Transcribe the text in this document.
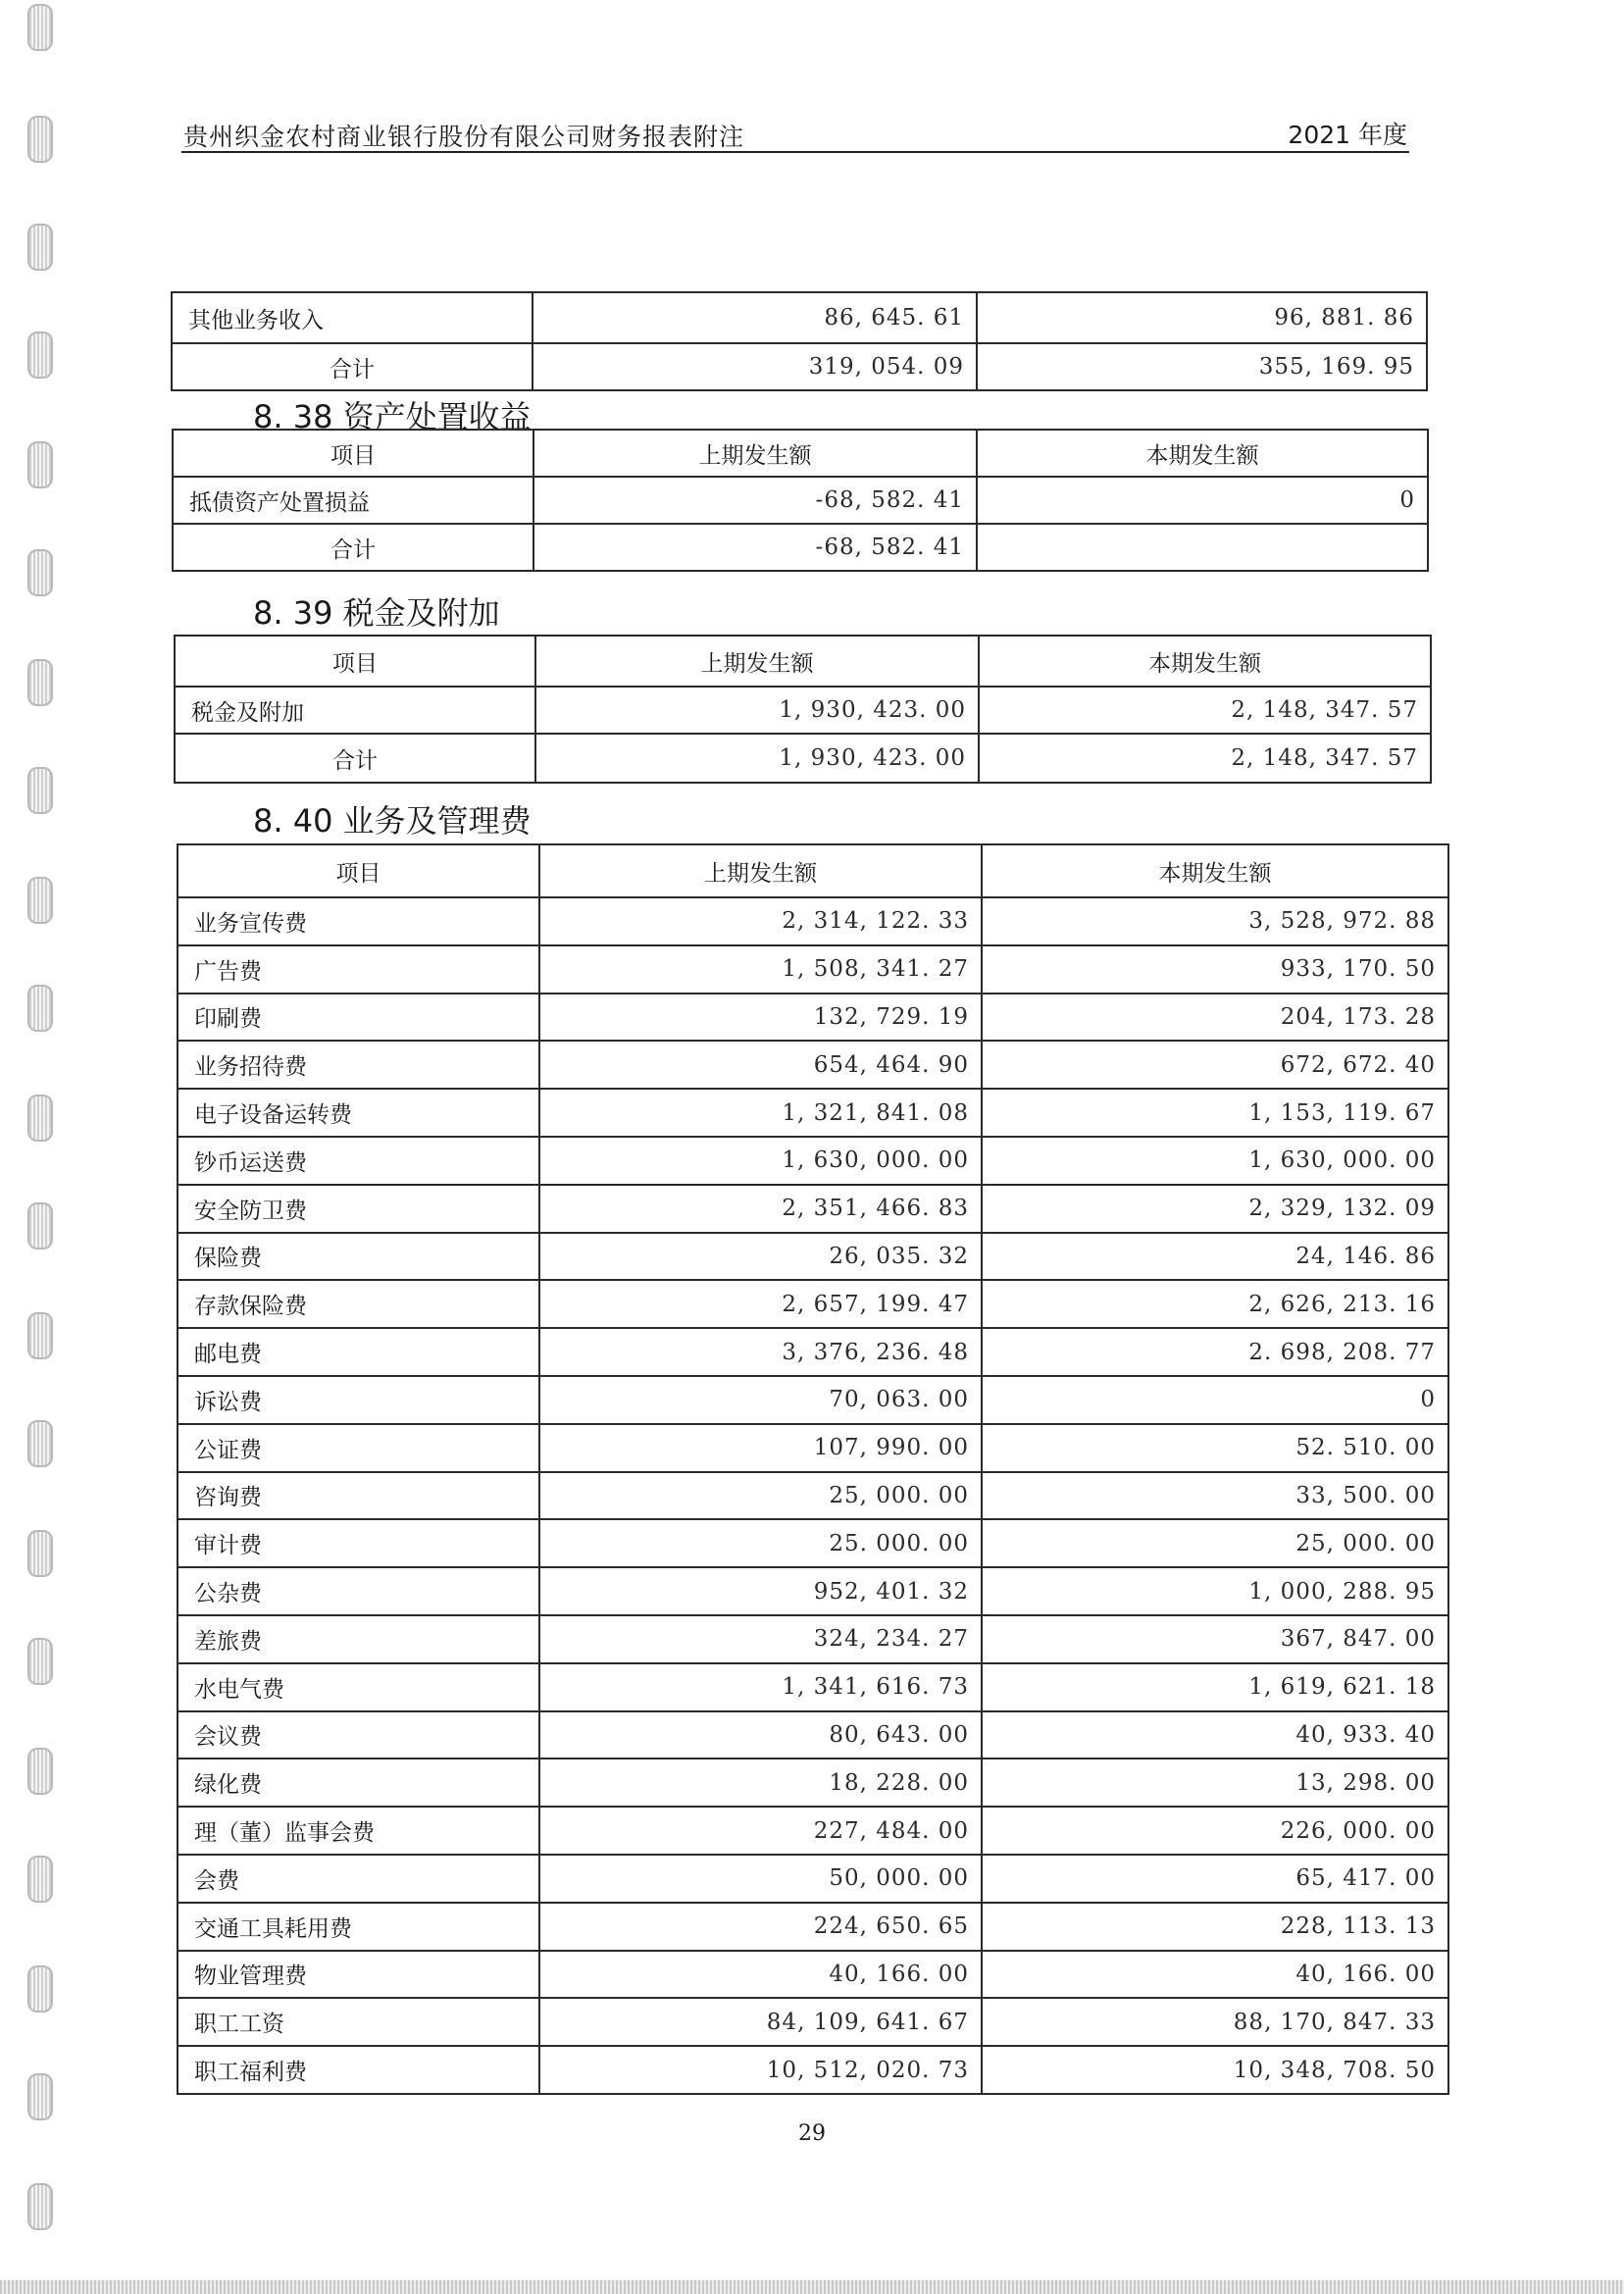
贵州织金农村商业银行股份有限公司财务报表附注	2021 年度
其他业务收入	86, 645. 61	96, 881. 86
合计	319, 054. 09	355, 169. 95
8. 38 资产处置收益
项目	上期发生额	本期发生额
抵债资产处置损益	-68, 582. 41	0
合计	-68, 582. 41	
8. 39 税金及附加
项目	上期发生额	本期发生额
税金及附加	1, 930, 423. 00	2, 148, 347. 57
合计	1, 930, 423. 00	2, 148, 347. 57
8. 40 业务及管理费
项目	上期发生额	本期发生额
业务宣传费	2, 314, 122. 33	3, 528, 972. 88
广告费	1, 508, 341. 27	933, 170. 50
印刷费	132, 729. 19	204, 173. 28
业务招待费	654, 464. 90	672, 672. 40
电子设备运转费	1, 321, 841. 08	1, 153, 119. 67
钞币运送费	1, 630, 000. 00	1, 630, 000. 00
安全防卫费	2, 351, 466. 83	2, 329, 132. 09
保险费	26, 035. 32	24, 146. 86
存款保险费	2, 657, 199. 47	2, 626, 213. 16
邮电费	3, 376, 236. 48	2. 698, 208. 77
诉讼费	70, 063. 00	0
公证费	107, 990. 00	52. 510. 00
咨询费	25, 000. 00	33, 500. 00
审计费	25. 000. 00	25, 000. 00
公杂费	952, 401. 32	1, 000, 288. 95
差旅费	324, 234. 27	367, 847. 00
水电气费	1, 341, 616. 73	1, 619, 621. 18
会议费	80, 643. 00	40, 933. 40
绿化费	18, 228. 00	13, 298. 00
理（董）监事会费	227, 484. 00	226, 000. 00
会费	50, 000. 00	65, 417. 00
交通工具耗用费	224, 650. 65	228, 113. 13
物业管理费	40, 166. 00	40, 166. 00
职工工资	84, 109, 641. 67	88, 170, 847. 33
职工福利费	10, 512, 020. 73	10, 348, 708. 50
29
